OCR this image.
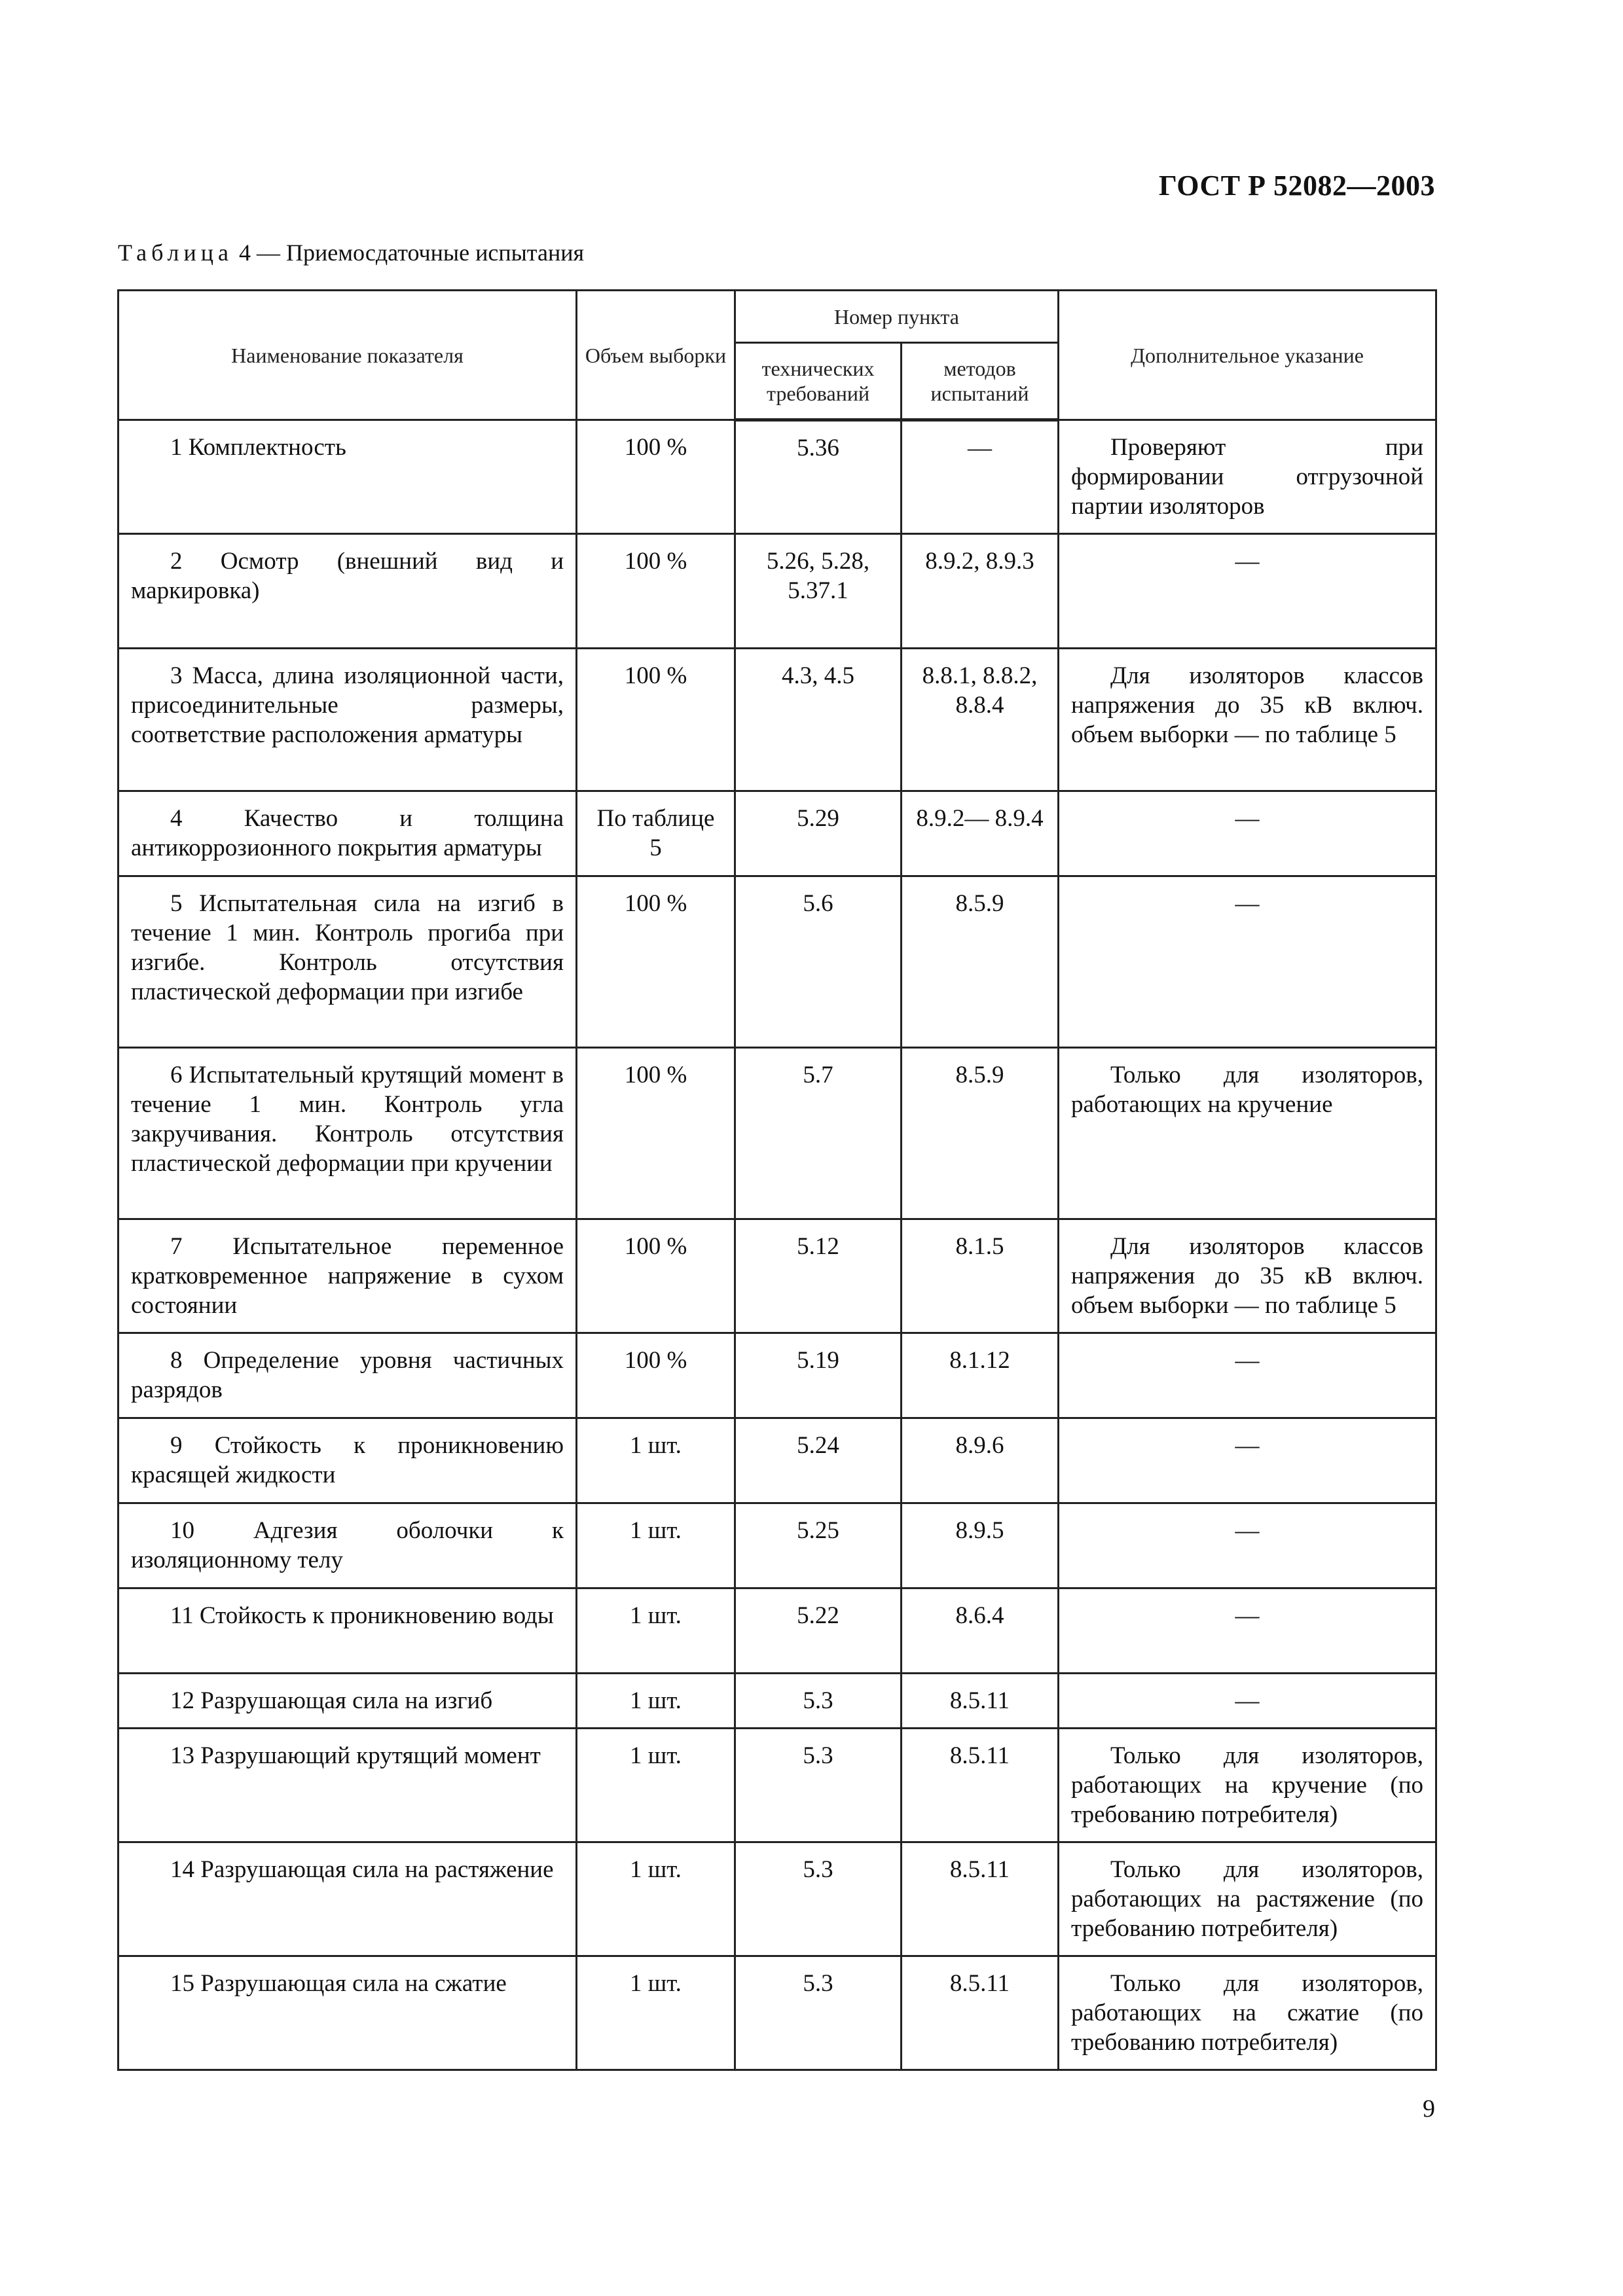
ГОСТ Р 52082—2003
Таблица 4 — Приемосдаточные испытания
Наименование показателя	Объем выборки	Номер пункта		Дополнительное указание
		технических требований	методов испытаний	
1 Комплектность	100 %	5.36	—	Проверяют при формировании отгрузочной партии изоляторов
2 Осмотр (внешний вид и маркировка)	100 %	5.26, 5.28, 5.37.1	8.9.2, 8.9.3	—
3 Масса, длина изоляционной части, присоединительные размеры, соответствие расположения арматуры	100 %	4.3, 4.5	8.8.1, 8.8.2, 8.8.4	Для изоляторов классов напряжения до 35 кВ включ. объем выборки — по таблице 5
4 Качество и толщина антикоррозионного покрытия арматуры	По таблице 5	5.29	8.9.2— 8.9.4	—
5 Испытательная сила на изгиб в течение 1 мин. Контроль прогиба при изгибе. Контроль отсутствия пластической деформации при изгибе	100 %	5.6	8.5.9	—
6 Испытательный крутящий момент в течение 1 мин. Контроль угла закручивания. Контроль отсутствия пластической деформации при кручении	100 %	5.7	8.5.9	Только для изоляторов, работающих на кручение
7 Испытательное переменное кратковременное напряжение в сухом состоянии	100 %	5.12	8.1.5	Для изоляторов классов напряжения до 35 кВ включ. объем выборки — по таблице 5
8 Определение уровня частичных разрядов	100 %	5.19	8.1.12	—
9 Стойкость к проникновению красящей жидкости	1 шт.	5.24	8.9.6	—
10 Адгезия оболочки к изоляционному телу	1 шт.	5.25	8.9.5	—
11 Стойкость к проникновению воды	1 шт.	5.22	8.6.4	—
12 Разрушающая сила на изгиб	1 шт.	5.3	8.5.11	—
13 Разрушающий крутящий момент	1 шт.	5.3	8.5.11	Только для изоляторов, работающих на кручение (по требованию потребителя)
14 Разрушающая сила на растяжение	1 шт.	5.3	8.5.11	Только для изоляторов, работающих на растяжение (по требованию потребителя)
15 Разрушающая сила на сжатие	1 шт.	5.3	8.5.11	Только для изоляторов, работающих на сжатие (по требованию потребителя)
9
